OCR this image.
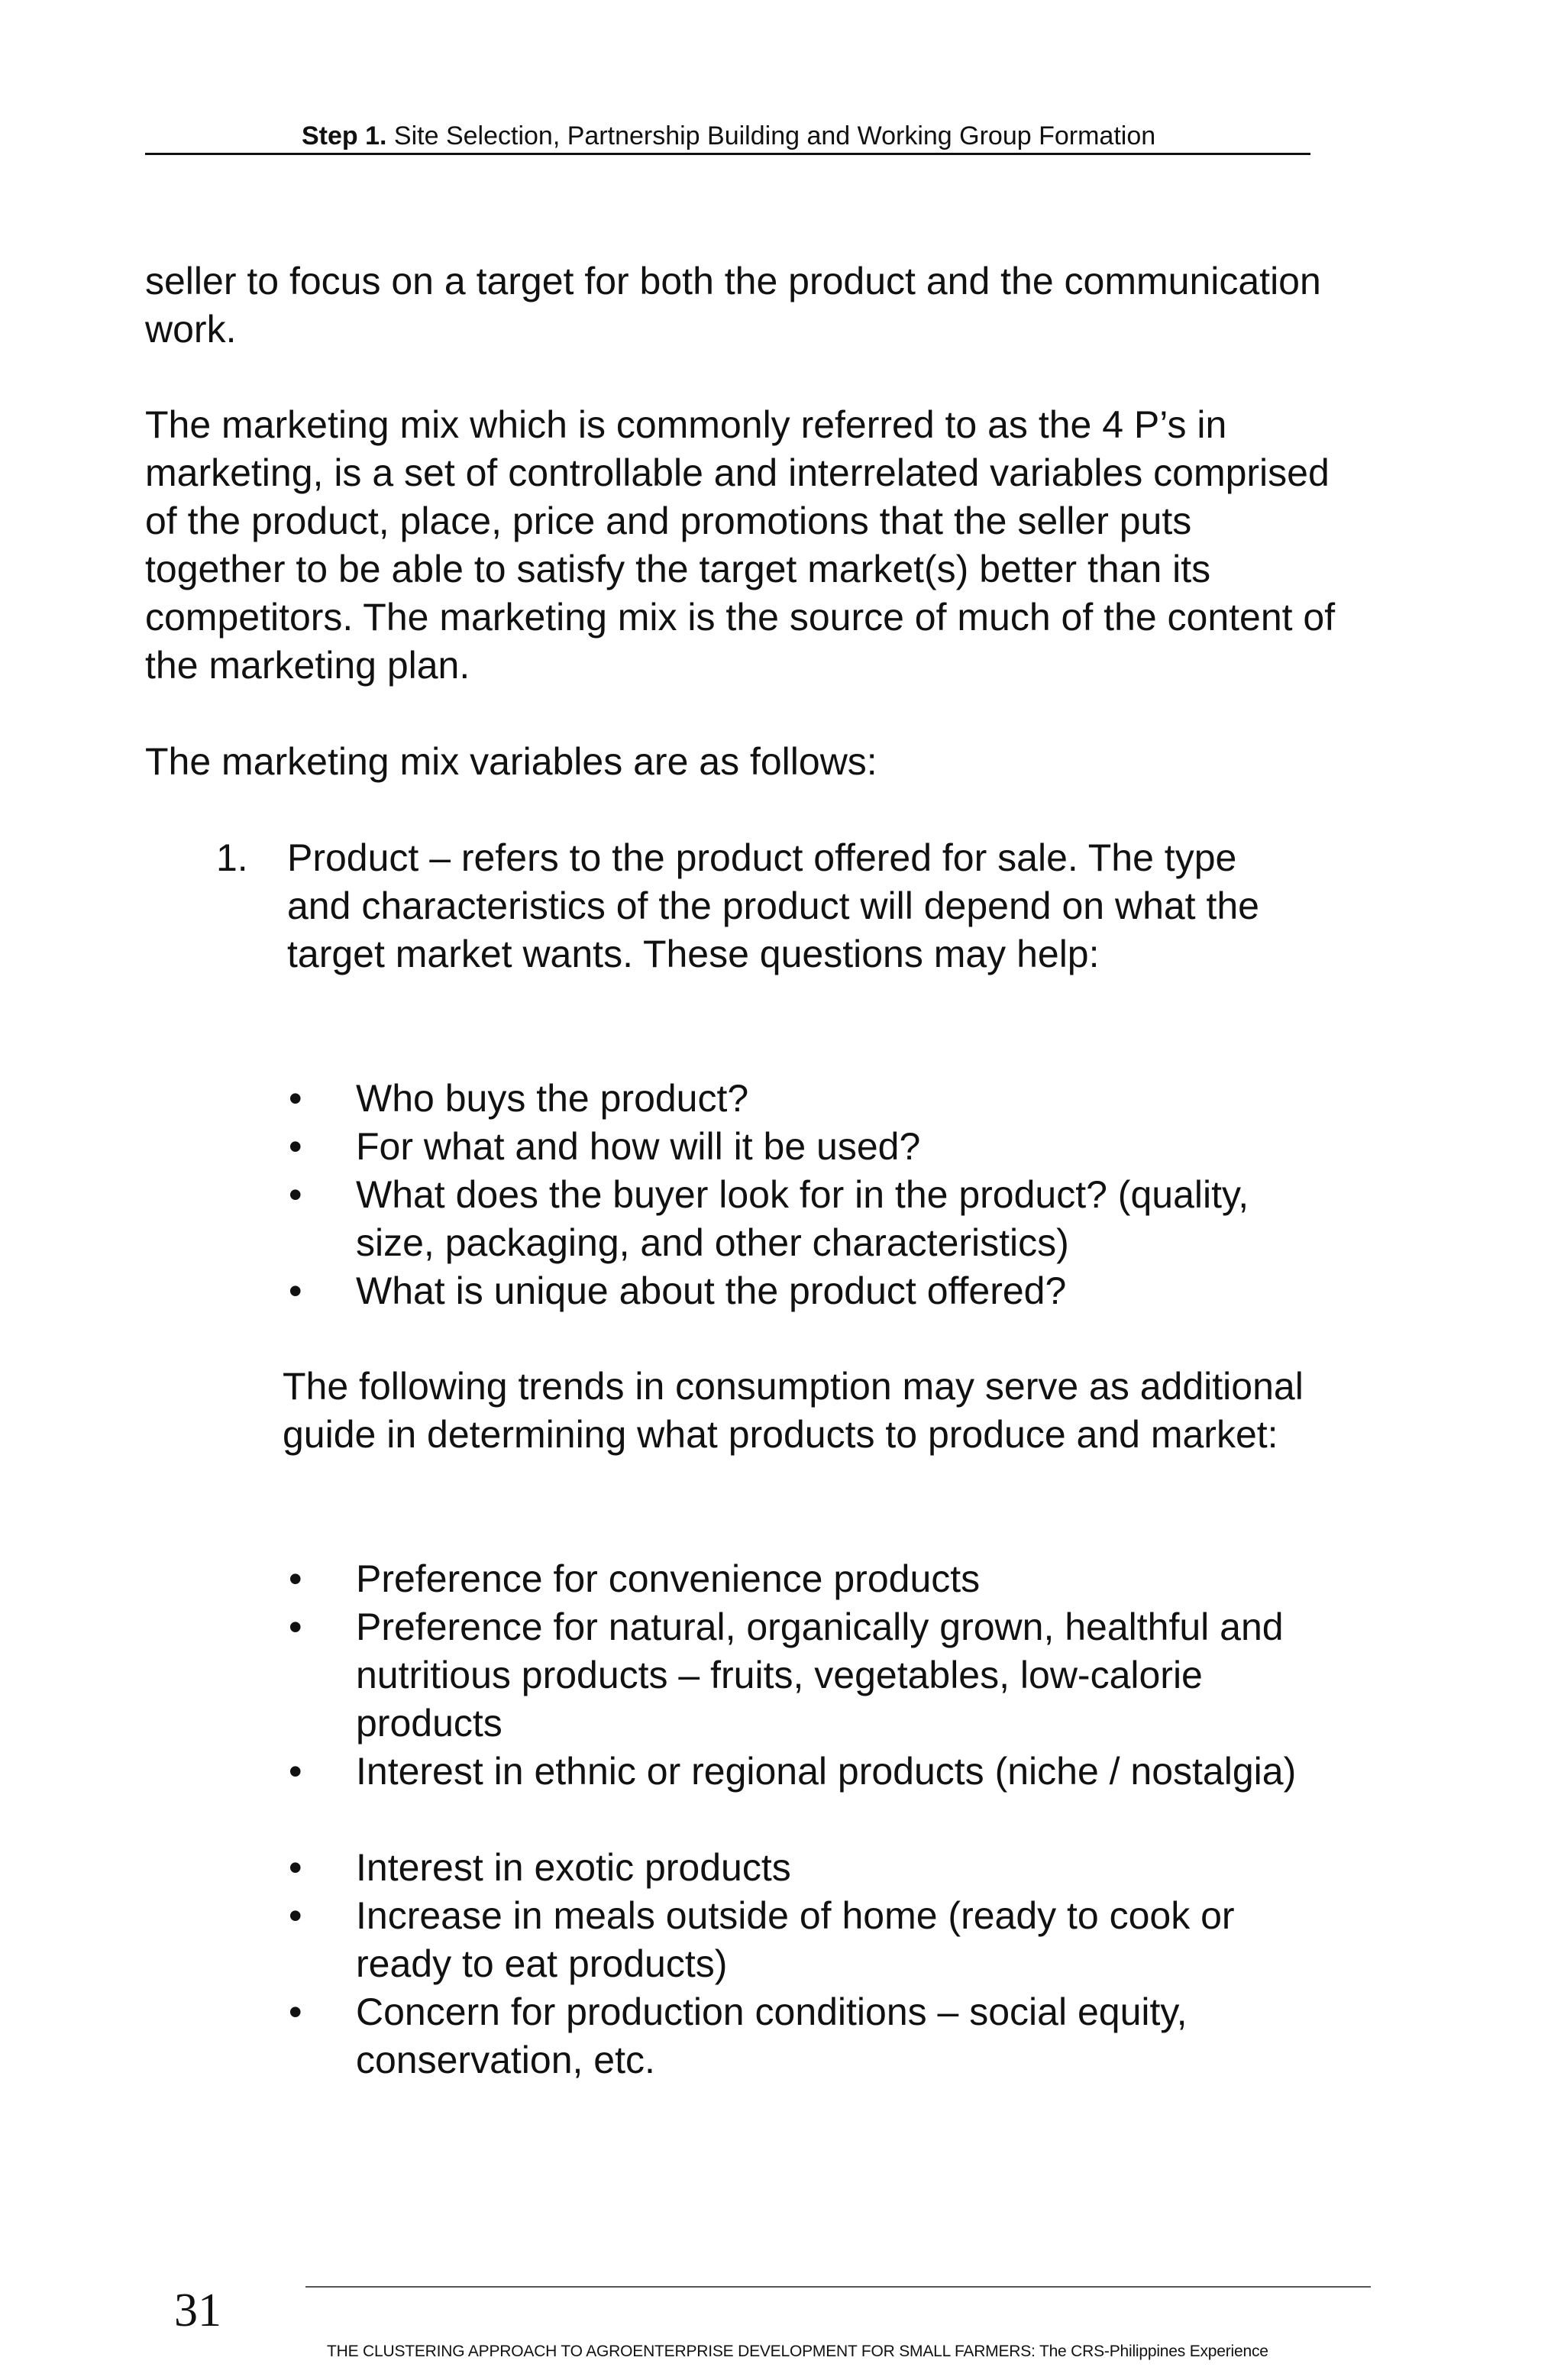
Step 1. Site Selection, Partnership Building and Working Group Formation

seller to focus on a target for both the product and the communication work.

The marketing mix which is commonly referred to as the 4 P’s in marketing, is a set of controllable and interrelated variables comprised of the product, place, price and promotions that the seller puts together to be able to satisfy the target market(s) better than its competitors. The marketing mix is the source of much of the content of the marketing plan.

The marketing mix variables are as follows:

1. Product – refers to the product offered for sale. The type and characteristics of the product will depend on what the target market wants. These questions may help:
• Who buys the product?
• For what and how will it be used?
• What does the buyer look for in the product? (quality, size, packaging, and other characteristics)
• What is unique about the product offered?

The following trends in consumption may serve as additional guide in determining what products to produce and market:

• Preference for convenience products
• Preference for natural, organically grown, healthful and nutritious products – fruits, vegetables, low-calorie products
• Interest in ethnic or regional products (niche / nostalgia)
• Interest in exotic products
• Increase in meals outside of home (ready to cook or ready to eat products)
• Concern for production conditions – social equity, conservation, etc.
31
THE CLUSTERING APPROACH TO AGROENTERPRISE DEVELOPMENT FOR SMALL FARMERS: The CRS-Philippines Experience
